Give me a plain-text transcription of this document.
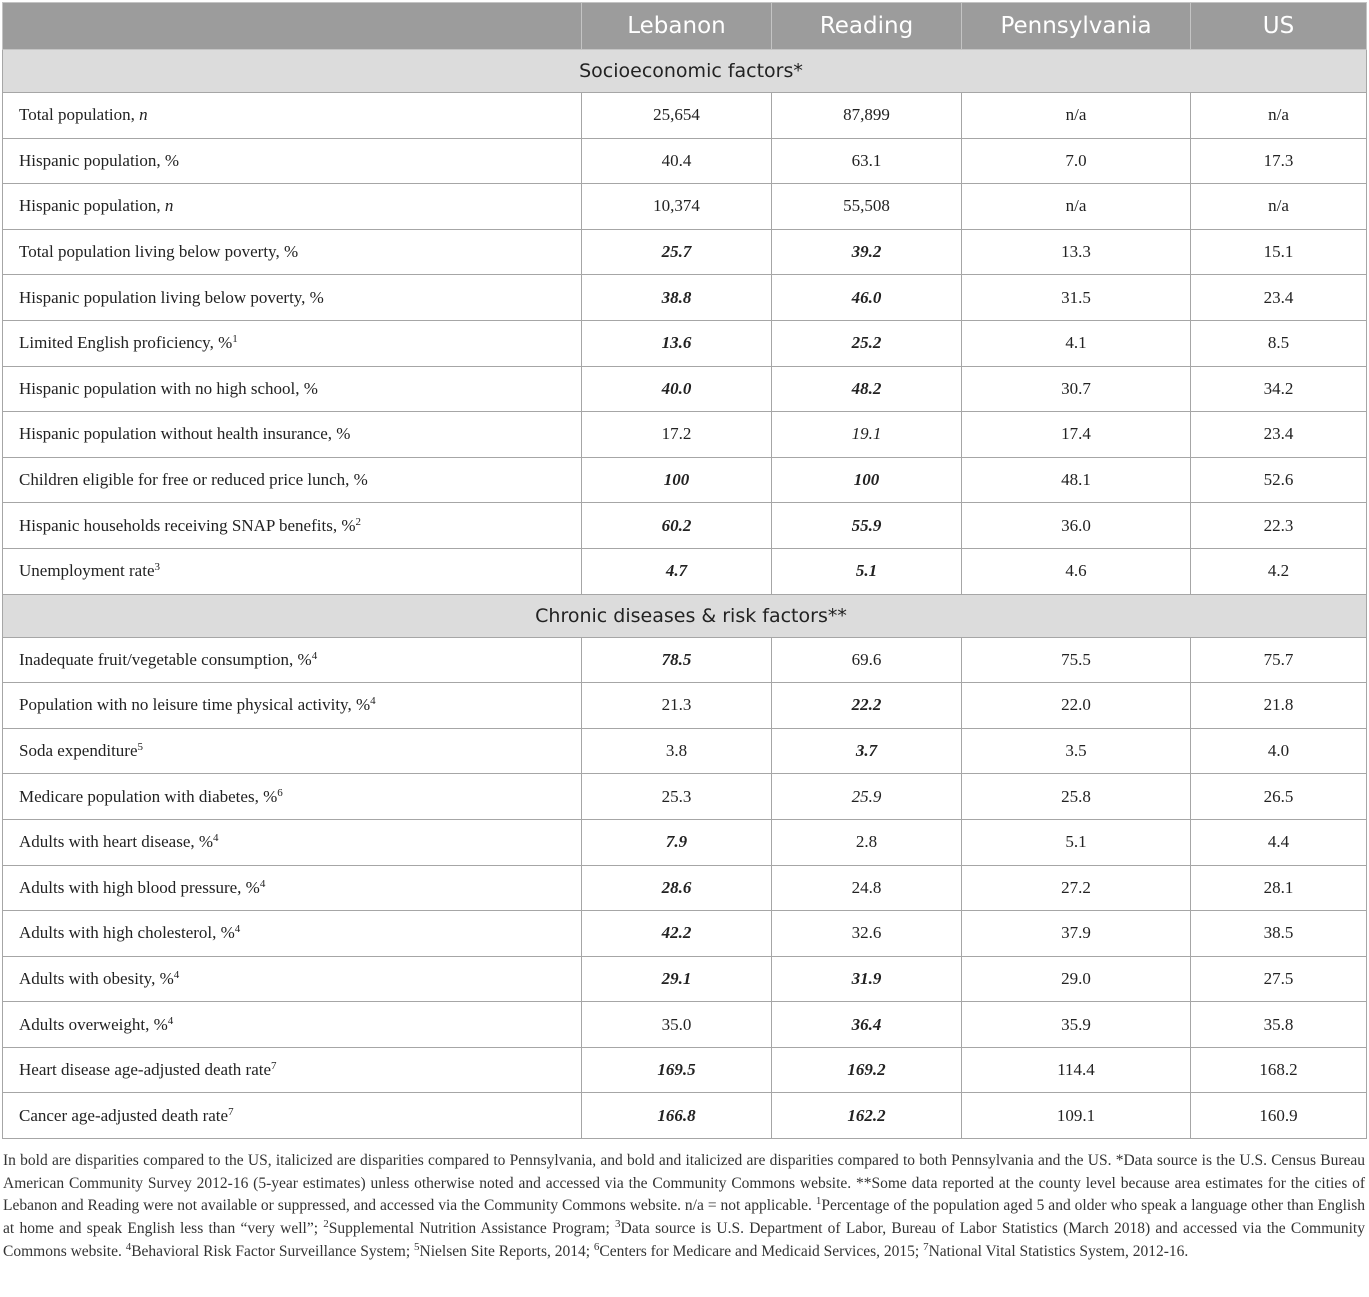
	Lebanon	Reading	Pennsylvania	US
Socioeconomic factors*				
Total population, n	25,654	87,899	n/a	n/a
Hispanic population, %	40.4	63.1	7.0	17.3
Hispanic population, n	10,374	55,508	n/a	n/a
Total population living below poverty, %	25.7	39.2	13.3	15.1
Hispanic population living below poverty, %	38.8	46.0	31.5	23.4
Limited English proficiency, %$^1$	13.6	25.2	4.1	8.5
Hispanic population with no high school, %	40.0	48.2	30.7	34.2
Hispanic population without health insurance, %	17.2	19.1	17.4	23.4
Children eligible for free or reduced price lunch, %	100	100	48.1	52.6
Hispanic households receiving SNAP benefits, %$^2$	60.2	55.9	36.0	22.3
Unemployment rate$^3$	4.7	5.1	4.6	4.2
Chronic diseases & risk factors**				
Inadequate fruit/vegetable consumption, %$^4$	78.5	69.6	75.5	75.7
Population with no leisure time physical activity, %$^4$	21.3	22.2	22.0	21.8
Soda expenditure$^5$	3.8	3.7	3.5	4.0
Medicare population with diabetes, %$^6$	25.3	25.9	25.8	26.5
Adults with heart disease, %$^4$	7.9	2.8	5.1	4.4
Adults with high blood pressure, %$^4$	28.6	24.8	27.2	28.1
Adults with high cholesterol, %$^4$	42.2	32.6	37.9	38.5
Adults with obesity, %$^4$	29.1	31.9	29.0	27.5
Adults overweight, %$^4$	35.0	36.4	35.9	35.8
Heart disease age-adjusted death rate$^7$	169.5	169.2	114.4	168.2
Cancer age-adjusted death rate$^7$	166.8	162.2	109.1	160.9

In bold are disparities compared to the US, italicized are disparities compared to Pennsylvania, and bold and italicized are disparities compared to both Pennsylvania and the US. *Data source is the U.S. Census Bureau American Community Survey 2012-16 (5-year estimates) unless otherwise noted and accessed via the Community Commons website. **Some data reported at the county level because area estimates for the cities of Lebanon and Reading were not available or suppressed, and accessed via the Community Commons website. n/a = not applicable. $^1$Percentage of the population aged 5 and older who speak a language other than English at home and speak English less than “very well”; $^2$Supplemental Nutrition Assistance Program; $^3$Data source is U.S. Department of Labor, Bureau of Labor Statistics (March 2018) and accessed via the Community Commons website. $^4$Behavioral Risk Factor Surveillance System; $^5$Nielsen Site Reports, 2014; $^6$Centers for Medicare and Medicaid Services, 2015; $^7$National Vital Statistics System, 2012-16.
